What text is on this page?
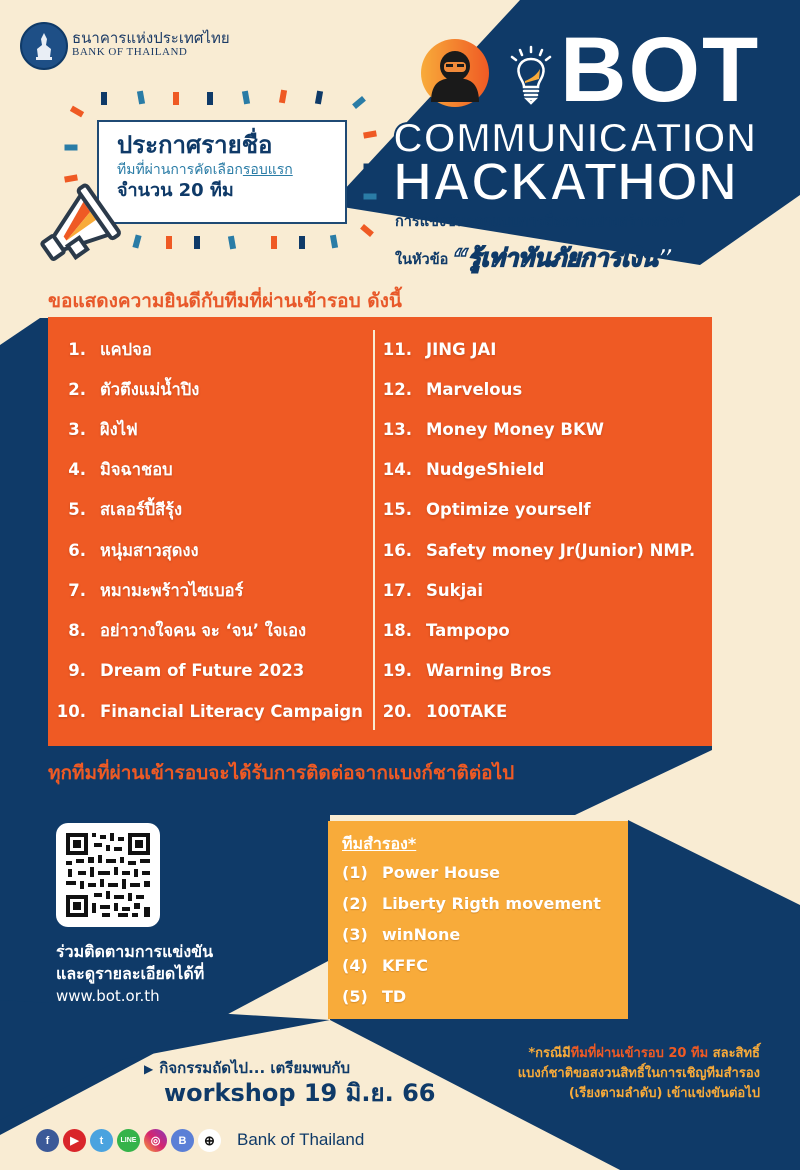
ธนาคารแห่งประเทศไทย
BANK OF THAILAND
ประกาศรายชื่อ
ทีมที่ผ่านการคัดเลือกรอบแรก
จำนวน 20 ทีม
BOT
COMMUNICATION
HACKATHON
การแข่งขันออกแบบการสื่อสารอย่างสร้างสรรค์
ในหัวข้อ “รู้เท่าทันภัยการเงิน”
ขอแสดงความยินดีกับทีมที่ผ่านเข้ารอบ ดังนี้
1. แคปจอ
2. ตัวตึงแม่น้ำปิง
3. ผิงไฟ
4. มิจฉาชอบ
5. สเลอร์ปี้สีรุ้ง
6. หนุ่มสาวสุดงง
7. หมามะพร้าวไซเบอร์
8. อย่าวางใจคน จะ ‘จน’ ใจเอง
9. Dream of Future 2023
10. Financial Literacy Campaign
11. JING JAI
12. Marvelous
13. Money Money BKW
14. NudgeShield
15. Optimize yourself
16. Safety money Jr(Junior) NMP.
17. Sukjai
18. Tampopo
19. Warning Bros
20. 100TAKE
ทุกทีมที่ผ่านเข้ารอบจะได้รับการติดต่อจากแบงก์ชาติต่อไป
ร่วมติดตามการแข่งขัน
และดูรายละเอียดได้ที่
www.bot.or.th
ทีมสำรอง*
(1) Power House
(2) Liberty Rigth movement
(3) winNone
(4) KFFC
(5) TD
▶ กิจกรรมถัดไป... เตรียมพบกับ
workshop 19 มิ.ย. 66
*กรณีมีทีมที่ผ่านเข้ารอบ 20 ทีม สละสิทธิ์
แบงก์ชาติขอสงวนสิทธิ์ในการเชิญทีมสำรอง
(เรียงตามลำดับ) เข้าแข่งขันต่อไป
f	▶	t	LINE	◎	B	⊕	Bank of Thailand
